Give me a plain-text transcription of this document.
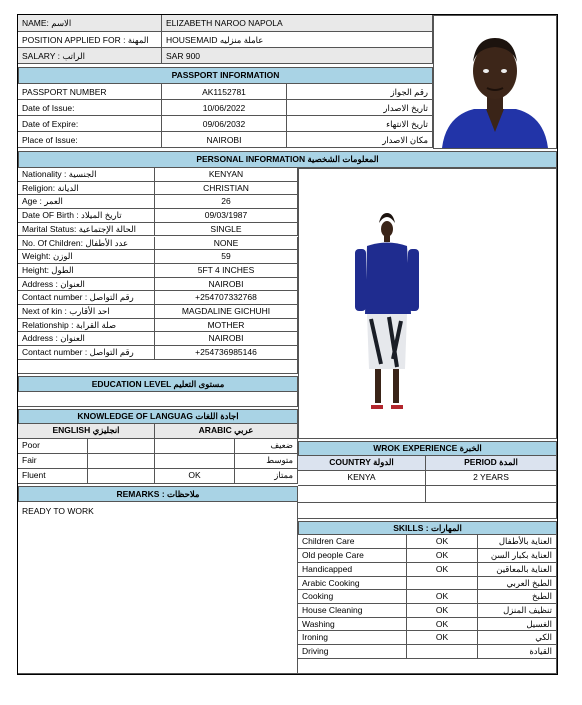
NAME: الاسم	ELIZABETH NAROO NAPOLA
POSITION APPLIED FOR : المهنة	HOUSEMAID عاملة منزليه
SALARY : الراتب	SAR 900
PASSPORT INFORMATION
PASSPORT NUMBER	AK1152781	رقم الجواز
Date of Issue:	10/06/2022	تاريخ الاصدار
Date of Expire:	09/06/2032	تاريخ الانتهاء
Place of Issue:	NAIROBI	مكان الاصدار
PERSONAL INFORMATION المعلومات الشخصية
Nationality : الجنسية	KENYAN
Religion: الديانة	CHRISTIAN
Age : العمر	26
Date OF Birth : تاريخ الميلاد	09/03/1987
Marital Status: الحالة الإجتماعية	SINGLE
No. Of Children: عدد الأطفال	NONE
Weight: الوزن	59
Height: الطول	5FT 4 INCHES
Address : العنوان	NAIROBI
Contact number : رقم التواصل	+254707332768
Next of kin : احد الأقارب	MAGDALINE GICHUHI
Relationship : صلة القرابة	MOTHER
Address : العنوان	NAIROBI
Contact number : رقم التواصل	+254736985146
EDUCATION LEVEL مستوى التعليم
KNOWLEDGE OF LANGUAG اجادة اللغات
ENGLISH انجليزي	ARABIC عربي
Poor	ضعيف
Fair	متوسط
Fluent	OK	ممتاز
REMARKS : ملاحظات
READY TO WORK
WROK EXPERIENCE الخبرة
COUNTRY الدولة	PERIOD المدة
KENYA	2 YEARS
SKILLS : المهارات
Children Care	OK	العناية بالأطفال
Old people Care	OK	العناية بكبار السن
Handicapped	OK	العناية بالمعاقين
Arabic Cooking	الطبخ العربي
Cooking	OK	الطبخ
House Cleaning	OK	تنظيف المنزل
Washing	OK	الغسيل
Ironing	OK	الكي
Driving	القيادة
